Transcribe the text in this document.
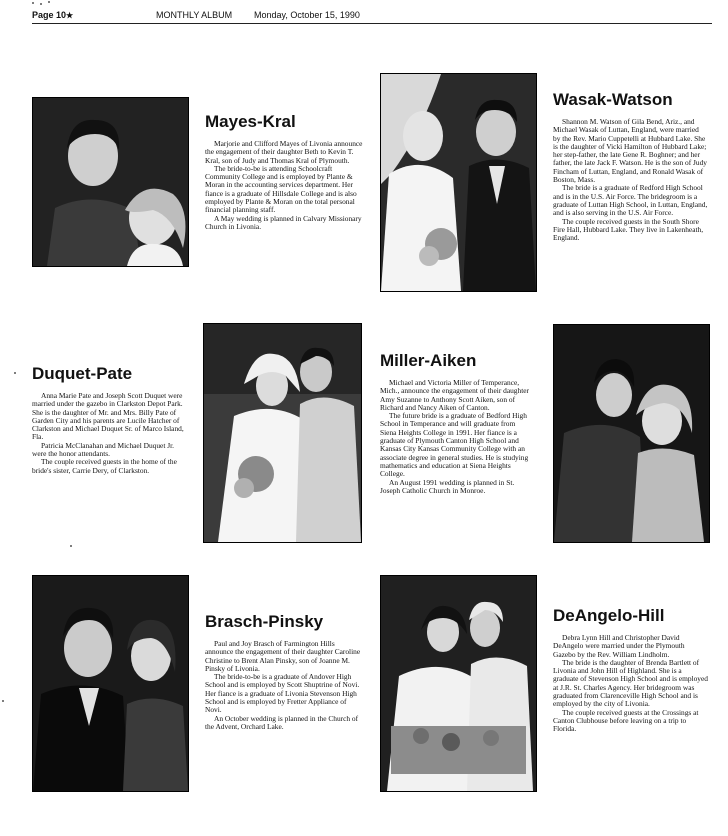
Page 10★	MONTHLY ALBUM Monday, October 15, 1990
Mayes-Kral

Marjorie and Clifford Mayes of Livonia announce the engagement of their daughter Beth to Kevin T. Kral, son of Judy and Thomas Kral of Plymouth.

The bride-to-be is attending Schoolcraft Community College and is employed by Plante & Moran in the accounting services department. Her fiance is a graduate of Hillsdale College and is also employed by Plante & Moran on the total personal financial planning staff.

A May wedding is planned in Calvary Missionary Church in Livonia.

Wasak-Watson

Shannon M. Watson of Gila Bend, Ariz., and Michael Wasak of Luttan, England, were married by the Rev. Mario Cuppetelli at Hubbard Lake. She is the daughter of Vicki Hamilton of Hubbard Lake; her step-father, the late Gene R. Boghner; and her father, the late Jack F. Watson. He is the son of Judy Fincham of Luttan, England, and Ronald Wasak of Boston, Mass.

The bride is a graduate of Redford High School and is in the U.S. Air Force. The bridegroom is a graduate of Luttan High School, in Luttan, England, and is also serving in the U.S. Air Force.

The couple received guests in the South Shore Fire Hall, Hubbard Lake. They live in Lakenheath, England.

Duquet-Pate

Anna Marie Pate and Joseph Scott Duquet were married under the gazebo in Clarkston Depot Park. She is the daughter of Mr. and Mrs. Billy Pate of Garden City and his parents are Lucile Hatcher of Clarkston and Michael Duquet Sr. of Marco Island, Fla.

Patricia McClanahan and Michael Duquet Jr. were the honor attendants.

The couple received guests in the home of the bride's sister, Carrie Dery, of Clarkston.

Miller-Aiken

Michael and Victoria Miller of Temperance, Mich., announce the engagement of their daughter Amy Suzanne to Anthony Scott Aiken, son of Richard and Nancy Aiken of Canton.

The future bride is a graduate of Bedford High School in Temperance and will graduate from Siena Heights College in 1991. Her fiance is a graduate of Plymouth Canton High School and Kansas City Kansas Community College with an associate degree in general studies. He is studying mathematics and education at Siena Heights College.

An August 1991 wedding is planned in St. Joseph Catholic Church in Monroe.

Brasch-Pinsky

Paul and Joy Brasch of Farmington Hills announce the engagement of their daughter Caroline Christine to Brent Alan Pinsky, son of Joanne M. Pinsky of Livonia.

The bride-to-be is a graduate of Andover High School and is employed by Scott Shuptrine of Novi. Her fiance is a graduate of Livonia Stevenson High School and is employed by Fretter Appliance of Novi.

An October wedding is planned in the Church of the Advent, Orchard Lake.

DeAngelo-Hill

Debra Lynn Hill and Christopher David DeAngelo were married under the Plymouth Gazebo by the Rev. William Lindholm.

The bride is the daughter of Brenda Bartlett of Livonia and John Hill of Highland. She is a graduate of Stevenson High School and is employed at J.R. St. Charles Agency. Her bridegroom was graduated from Clarenceville High School and is employed by the city of Livonia.

The couple received guests at the Crossings at Canton Clubhouse before leaving on a trip to Florida.
